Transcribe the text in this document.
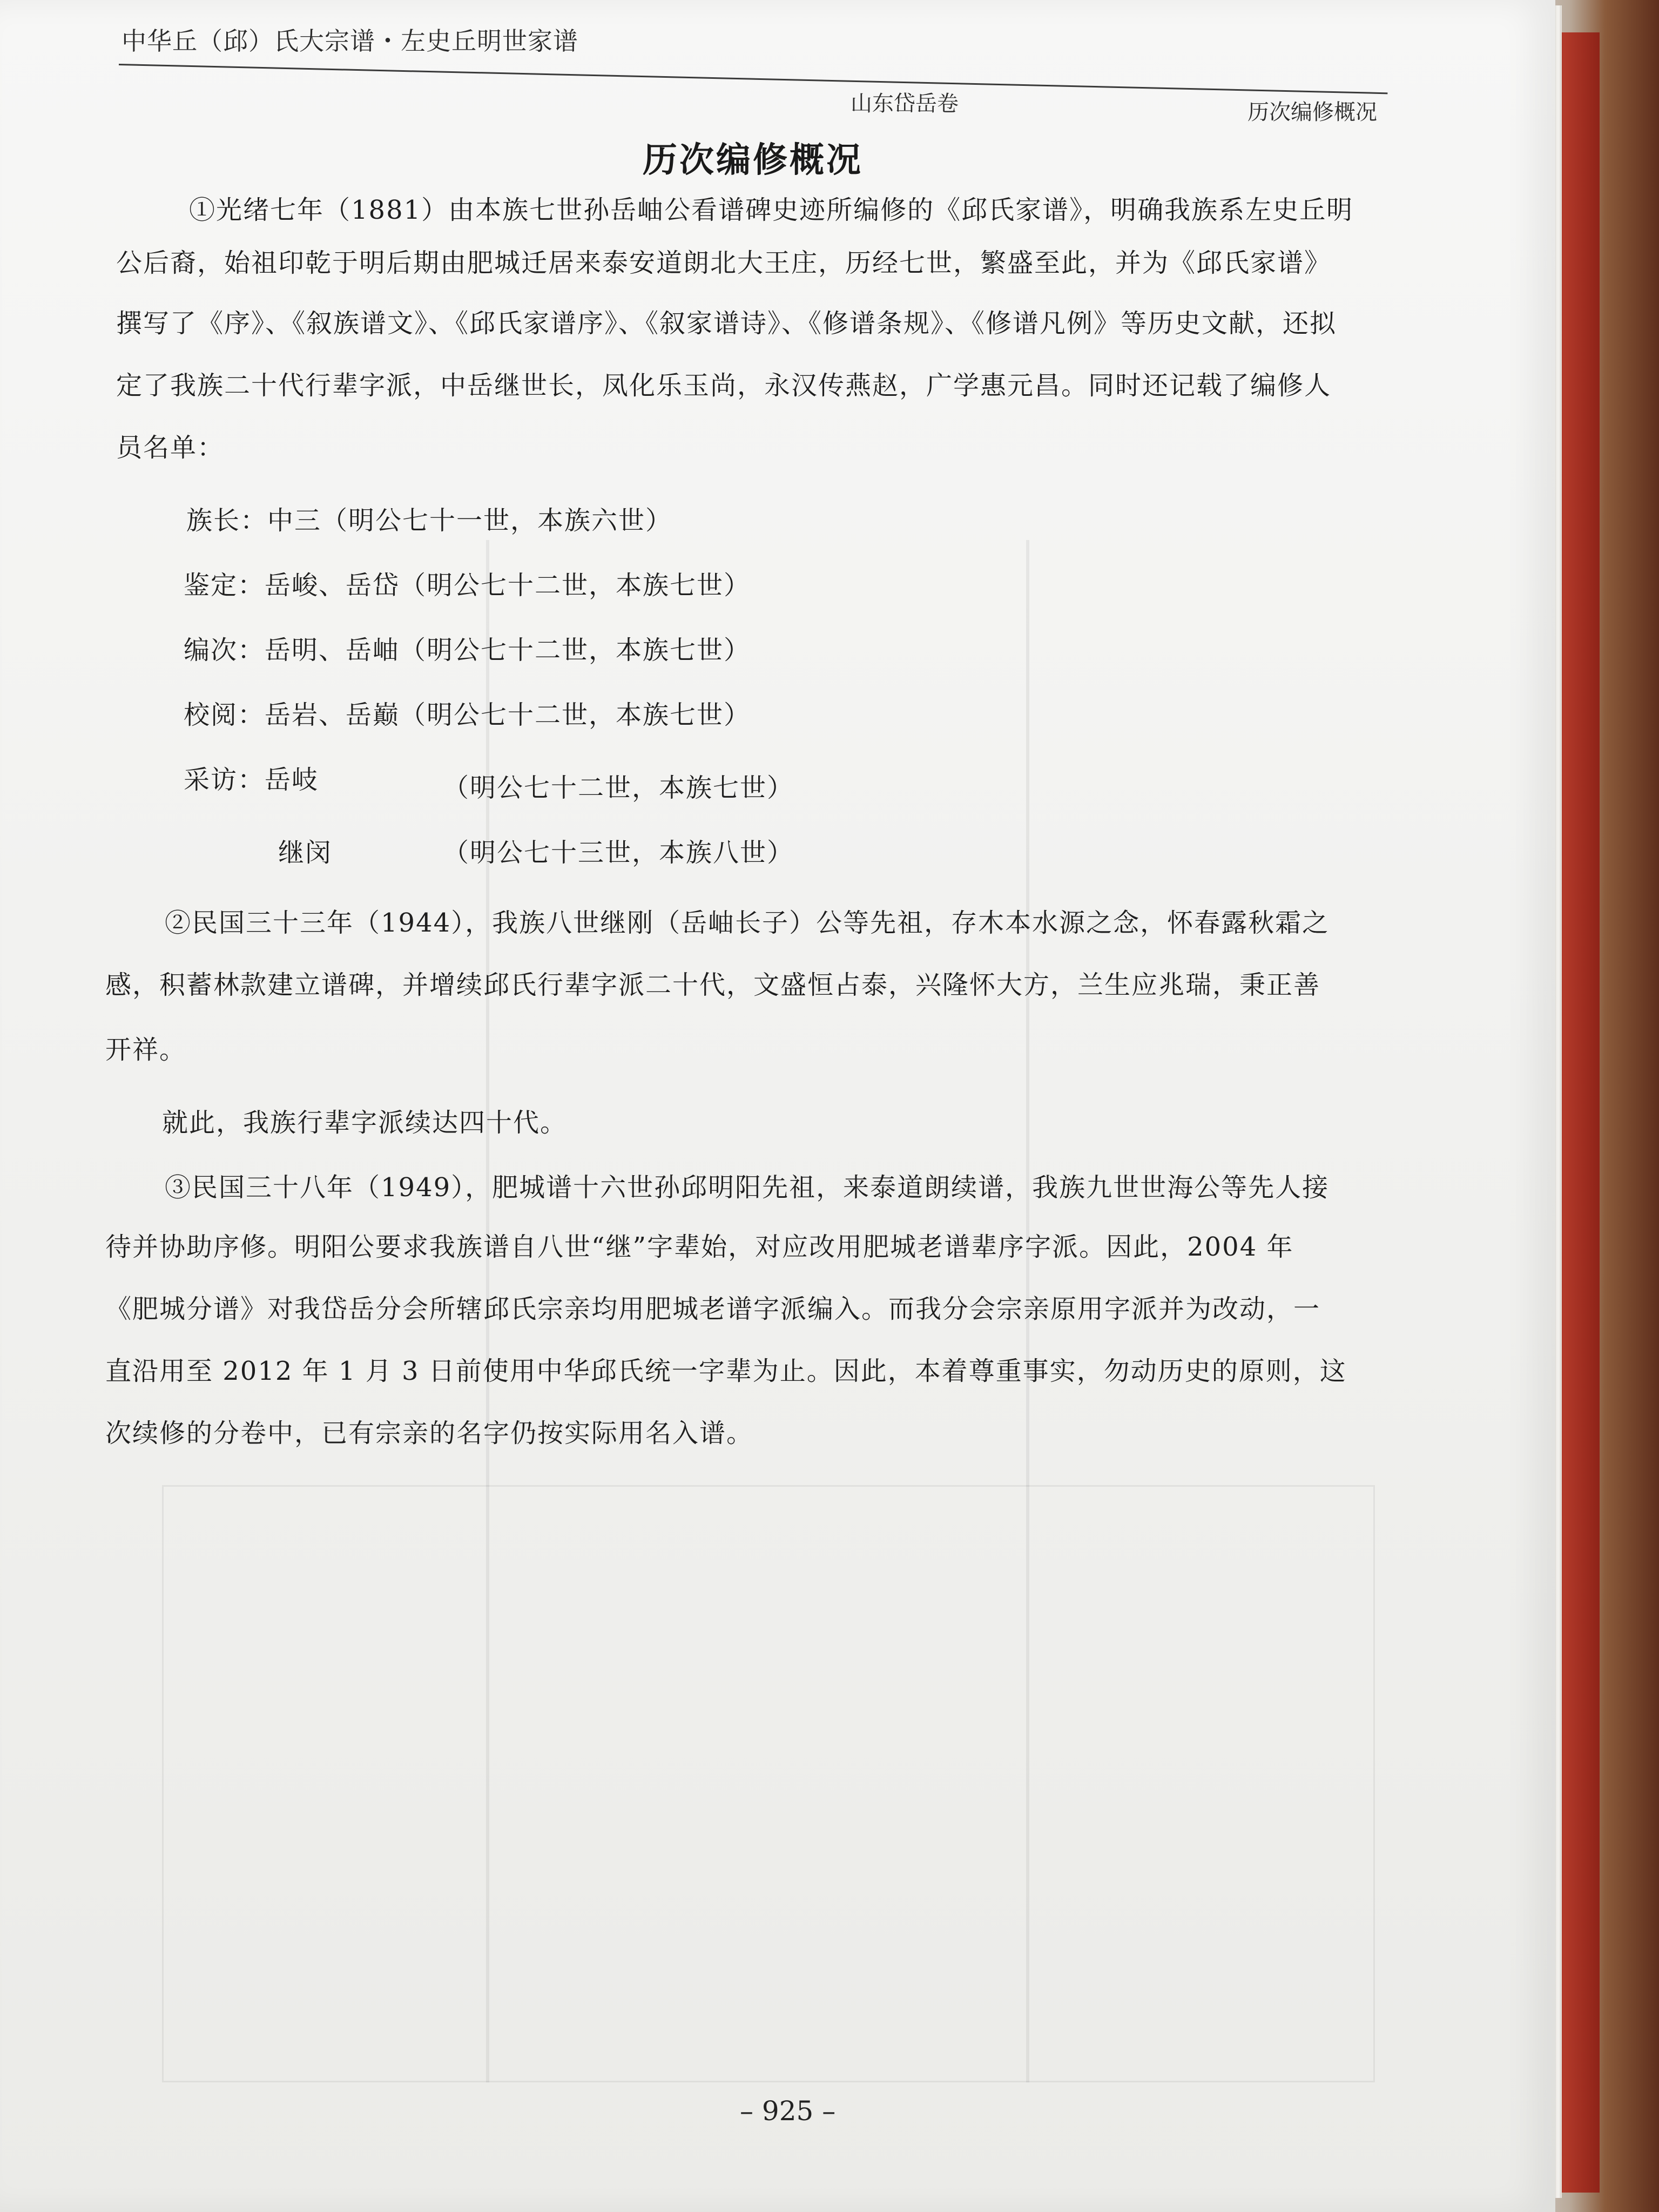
中华丘（邱）氏大宗谱・左史丘明世家谱
山东岱岳卷	历次编修概况
历次编修概况
①光绪七年（1881）由本族七世孙岳岫公看谱碑史迹所编修的《邱氏家谱》，明确我族系左史丘明
公后裔，始祖印乾于明后期由肥城迁居来泰安道朗北大王庄，历经七世，繁盛至此，并为《邱氏家谱》
撰写了《序》、《叙族谱文》、《邱氏家谱序》、《叙家谱诗》、《修谱条规》、《修谱凡例》等历史文献，还拟
定了我族二十代行辈字派，中岳继世长，凤化乐玉尚，永汉传燕赵，广学惠元昌。同时还记载了编修人
员名单：
族长：中三（明公七十一世，本族六世）
鉴定：岳峻、岳岱（明公七十二世，本族七世）
编次：岳明、岳岫（明公七十二世，本族七世）
校阅：岳岩、岳巅（明公七十二世，本族七世）
采访：岳岐	（明公七十二世，本族七世）
继闵	（明公七十三世，本族八世）
②民国三十三年（1944），我族八世继刚（岳岫长子）公等先祖，存木本水源之念，怀春露秋霜之
感，积蓄林款建立谱碑，并增续邱氏行辈字派二十代，文盛恒占泰，兴隆怀大方，兰生应兆瑞，秉正善
开祥。
就此，我族行辈字派续达四十代。
③民国三十八年（1949），肥城谱十六世孙邱明阳先祖，来泰道朗续谱，我族九世世海公等先人接
待并协助序修。明阳公要求我族谱自八世“继”字辈始，对应改用肥城老谱辈序字派。因此，2004 年
《肥城分谱》对我岱岳分会所辖邱氏宗亲均用肥城老谱字派编入。而我分会宗亲原用字派并为改动，一
直沿用至 2012 年 1 月 3 日前使用中华邱氏统一字辈为止。因此，本着尊重事实，勿动历史的原则，这
次续修的分卷中，已有宗亲的名字仍按实际用名入谱。
– 925 –
